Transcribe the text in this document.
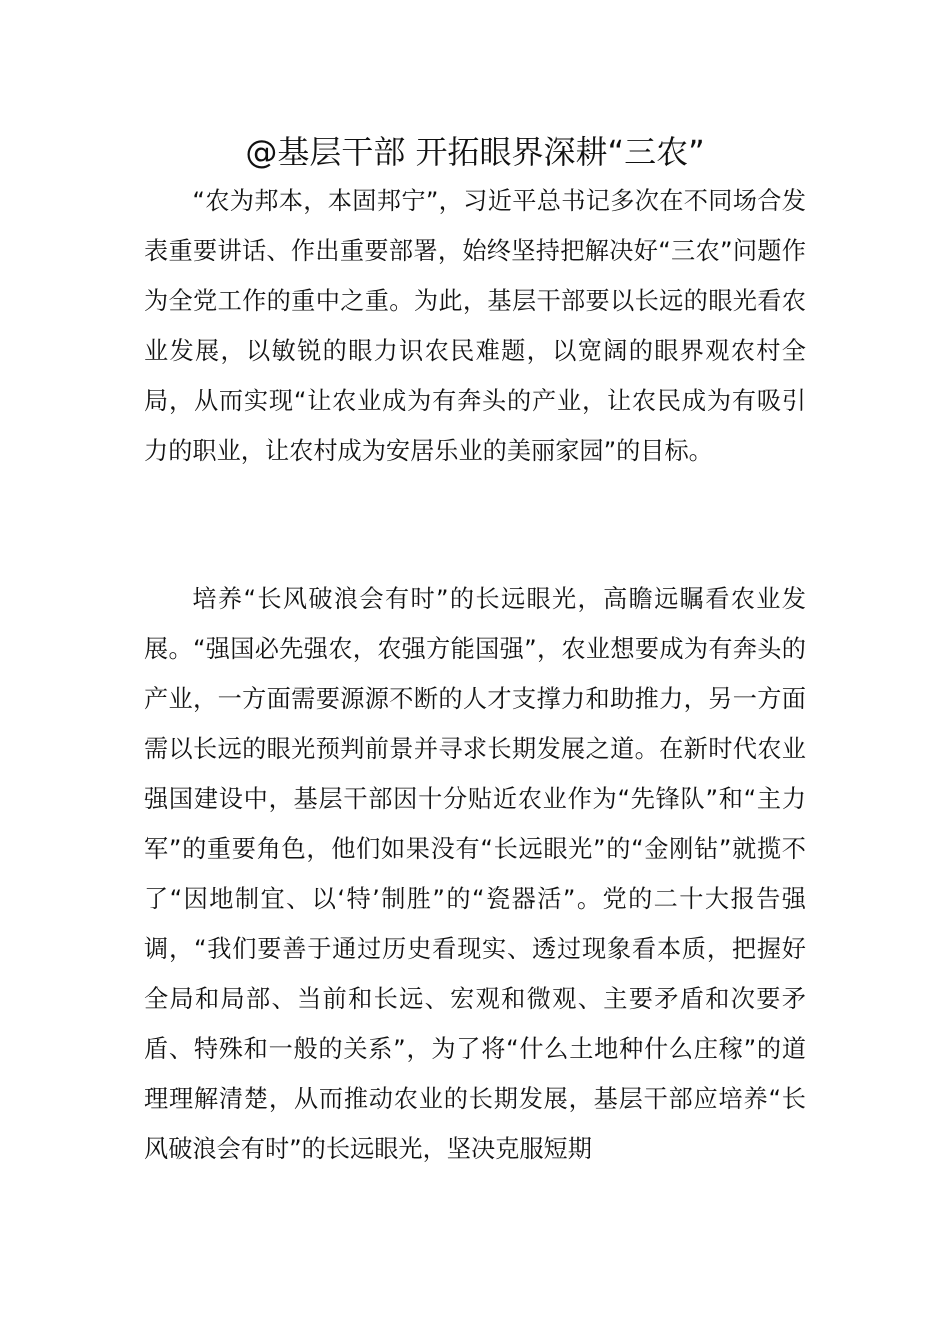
@基层干部 开拓眼界深耕“三农”

“农为邦本，本固邦宁”，习近平总书记多次在不同场合发表重要讲话、作出重要部署，始终坚持把解决好“三农”问题作为全党工作的重中之重。为此，基层干部要以长远的眼光看农业发展，以敏锐的眼力识农民难题，以宽阔的眼界观农村全局，从而实现“让农业成为有奔头的产业，让农民成为有吸引力的职业，让农村成为安居乐业的美丽家园”的目标。

培养“长风破浪会有时”的长远眼光，高瞻远瞩看农业发展。“强国必先强农，农强方能国强”，农业想要成为有奔头的产业，一方面需要源源不断的人才支撑力和助推力，另一方面需以长远的眼光预判前景并寻求长期发展之道。在新时代农业强国建设中，基层干部因十分贴近农业作为“先锋队”和“主力军”的重要角色，他们如果没有“长远眼光”的“金刚钻”就揽不了“因地制宜、以‘特’制胜”的“瓷器活”。党的二十大报告强调，“我们要善于通过历史看现实、透过现象看本质，把握好全局和局部、当前和长远、宏观和微观、主要矛盾和次要矛盾、特殊和一般的关系”，为了将“什么土地种什么庄稼”的道理理解清楚，从而推动农业的长期发展，基层干部应培养“长风破浪会有时”的长远眼光，坚决克服短期
